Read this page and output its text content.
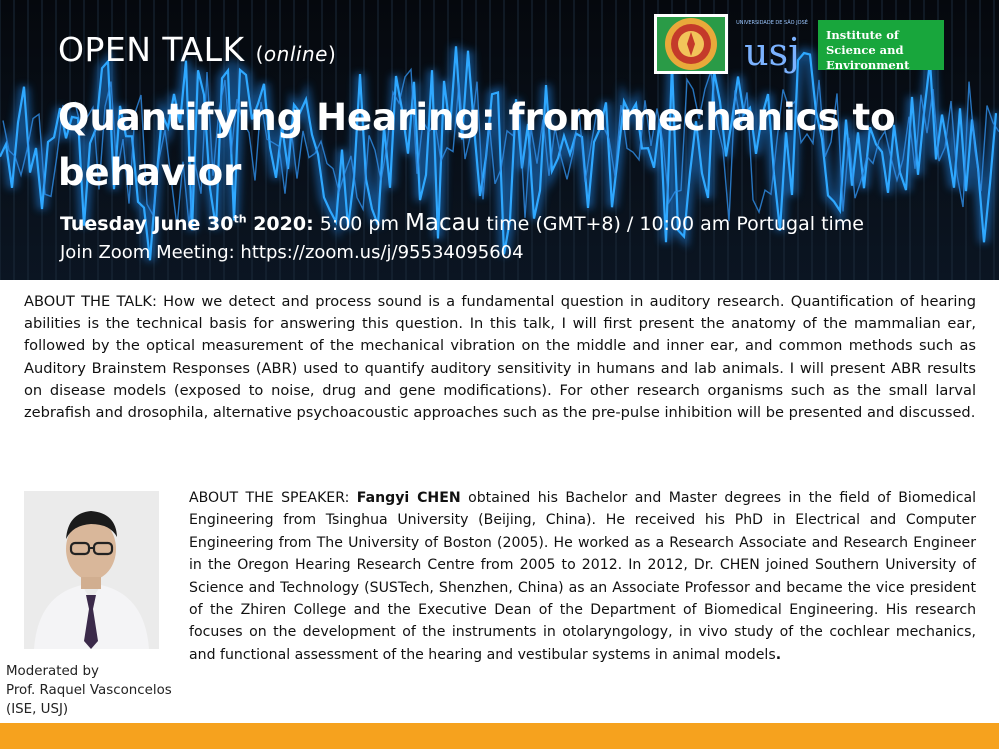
OPEN TALK (online)
Quantifying Hearing: from mechanics to behavior
Tuesday June 30th 2020: 5:00 pm Macau time (GMT+8) / 10:00 am Portugal time
Join Zoom Meeting: https://zoom.us/j/95534095604
UNIVERSIDADE DE SÃO JOSÉ
usj	Institute of Science and Environment
ABOUT THE TALK: How we detect and process sound is a fundamental question in auditory research. Quantification of hearing abilities is the technical basis for answering this question. In this talk, I will first present the anatomy of the mammalian ear, followed by the optical measurement of the mechanical vibration on the middle and inner ear, and common methods such as Auditory Brainstem Responses (ABR) used to quantify auditory sensitivity in humans and lab animals. I will present ABR results on disease models (exposed to noise, drug and gene modifications). For other research organisms such as the small larval zebrafish and drosophila, alternative psychoacoustic approaches such as the pre-pulse inhibition will be presented and discussed.
ABOUT THE SPEAKER: Fangyi CHEN obtained his Bachelor and Master degrees in the field of Biomedical Engineering from Tsinghua University (Beijing, China). He received his PhD in Electrical and Computer Engineering from The University of Boston (2005). He worked as a Research Associate and Research Engineer in the Oregon Hearing Research Centre from 2005 to 2012. In 2012, Dr. CHEN joined Southern University of Science and Technology (SUSTech, Shenzhen, China) as an Associate Professor and became the vice president of the Zhiren College and the Executive Dean of the Department of Biomedical Engineering. His research focuses on the development of the instruments in otolaryngology, in vivo study of the cochlear mechanics, and functional assessment of the hearing and vestibular systems in animal models.
Moderated by
Prof. Raquel Vasconcelos
(ISE, USJ)
